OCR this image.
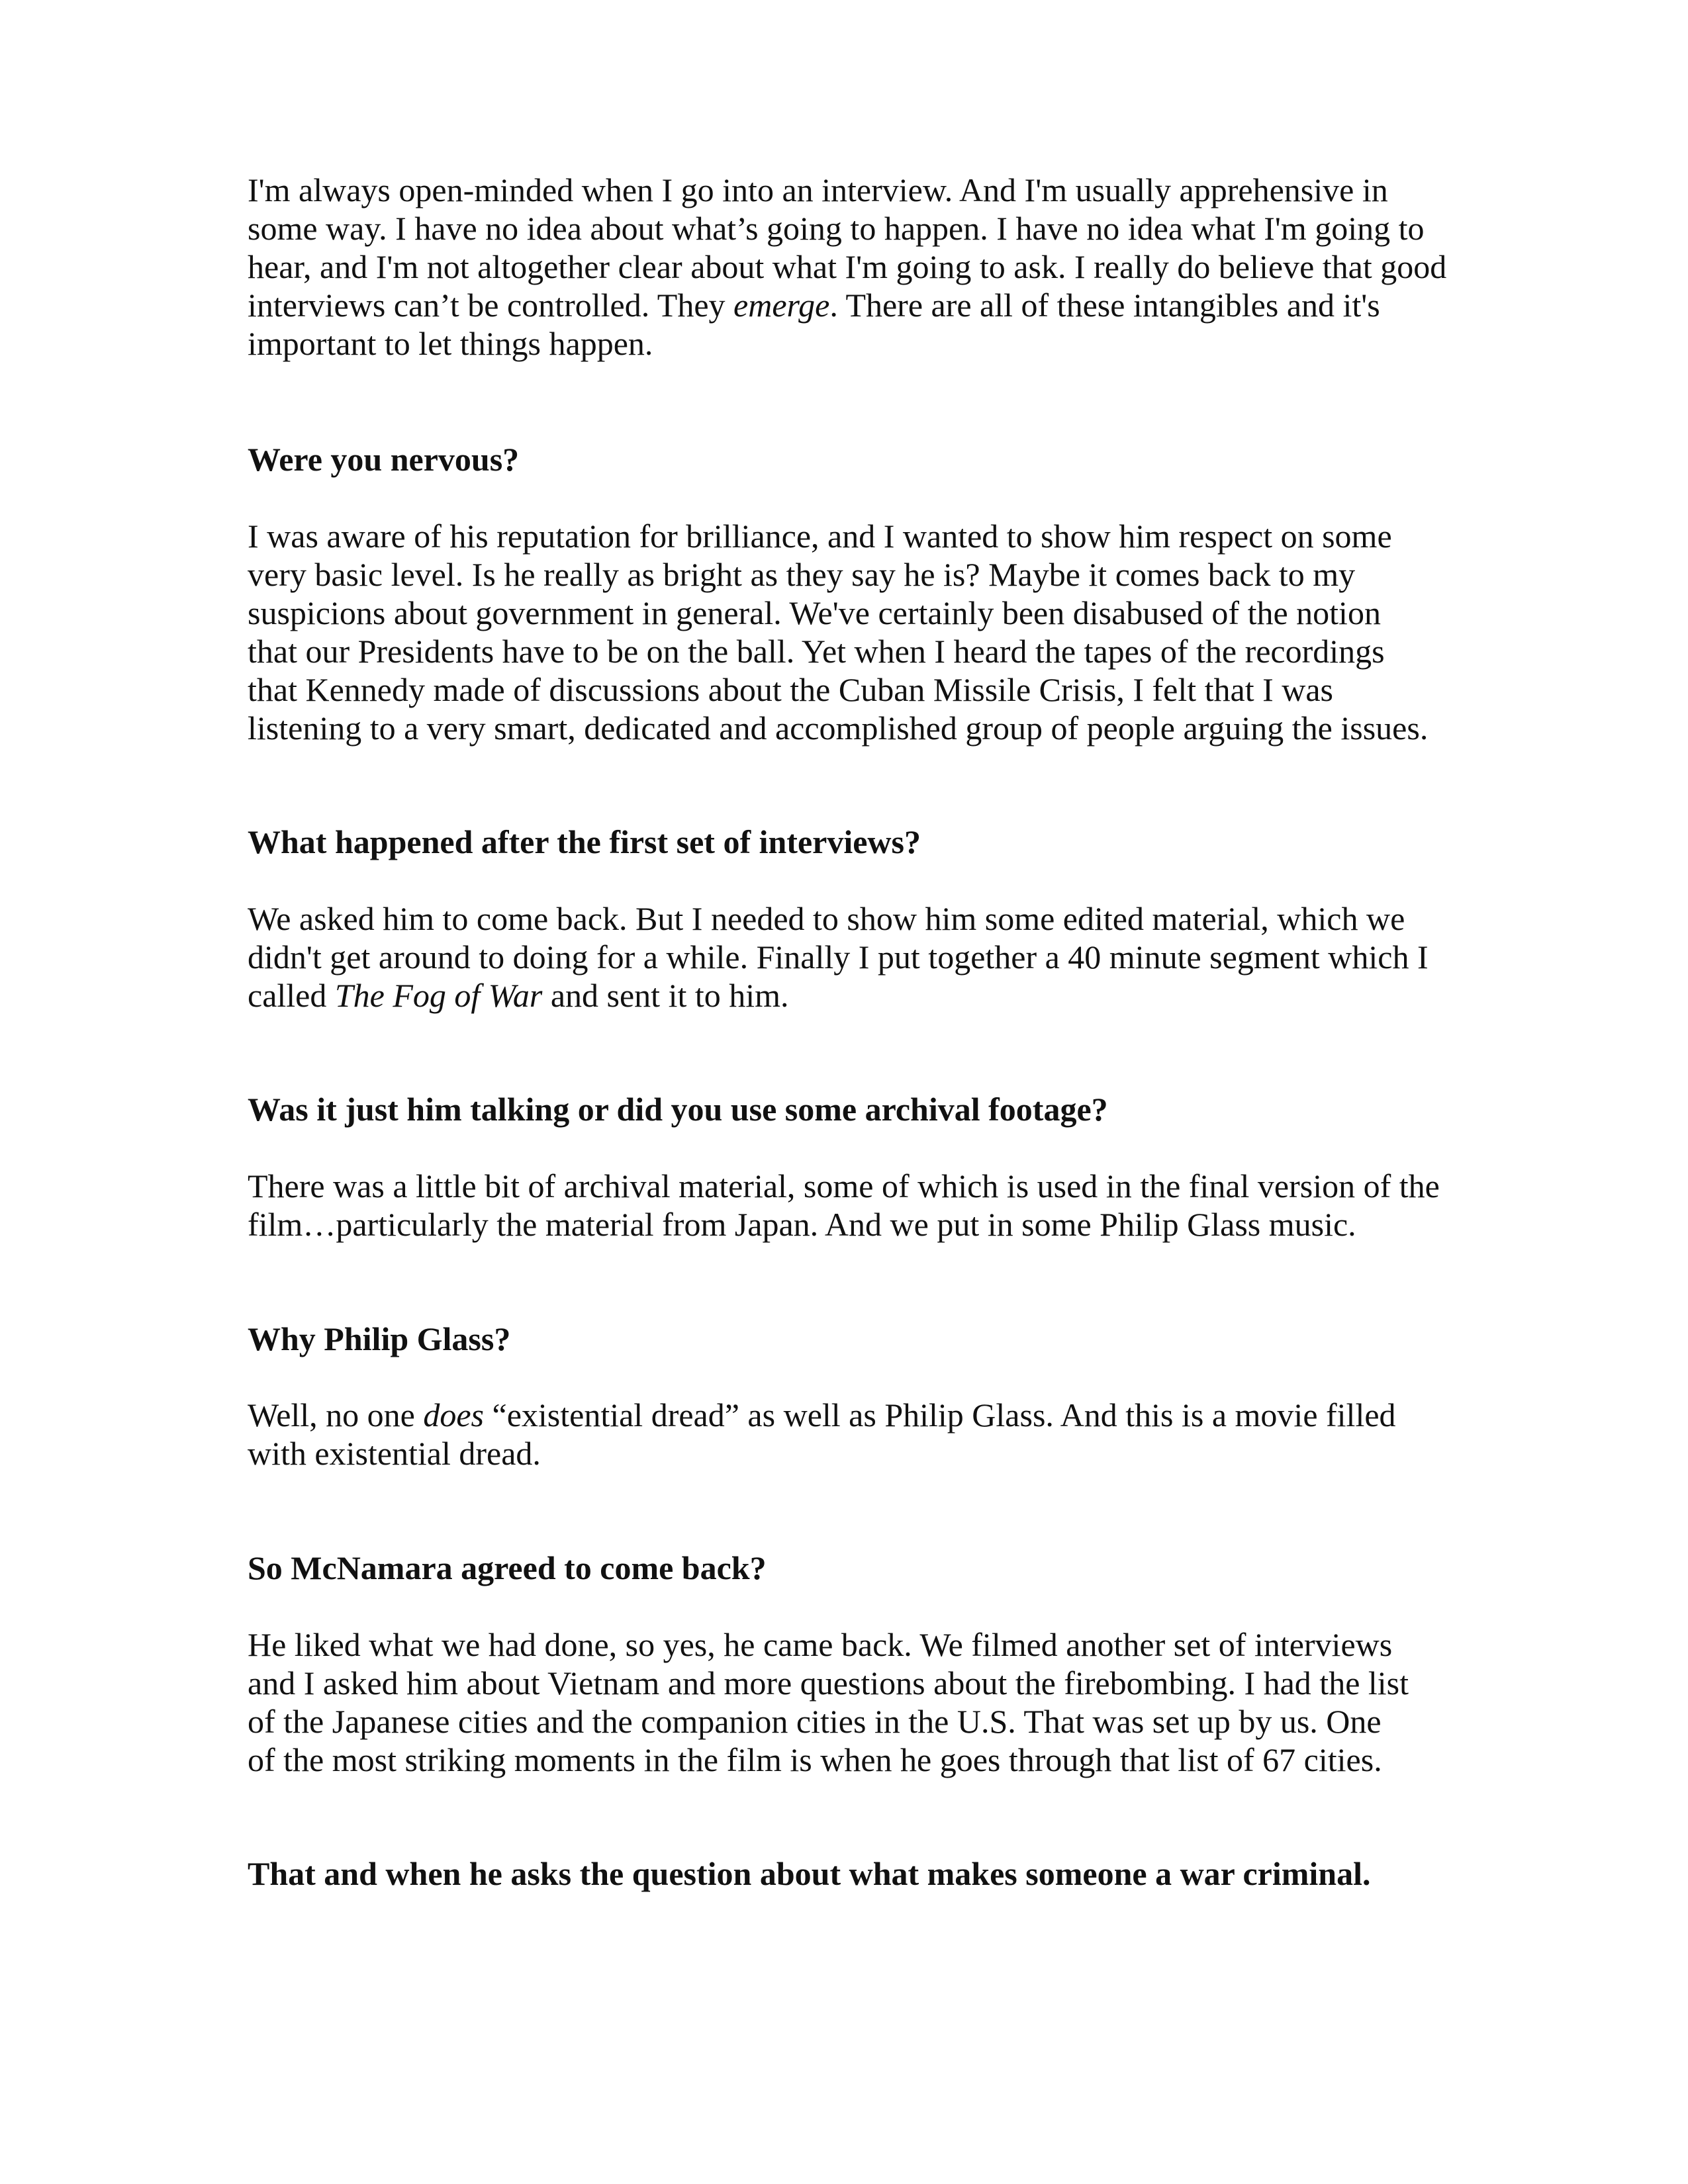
I'm always open-minded when I go into an interview. And I'm usually apprehensive in
some way. I have no idea about what’s going to happen. I have no idea what I'm going to
hear, and I'm not altogether clear about what I'm going to ask. I really do believe that good
interviews can’t be controlled. They emerge. There are all of these intangibles and it's
important to let things happen.

Were you nervous?

I was aware of his reputation for brilliance, and I wanted to show him respect on some
very basic level. Is he really as bright as they say he is? Maybe it comes back to my
suspicions about government in general. We've certainly been disabused of the notion
that our Presidents have to be on the ball. Yet when I heard the tapes of the recordings
that Kennedy made of discussions about the Cuban Missile Crisis, I felt that I was
listening to a very smart, dedicated and accomplished group of people arguing the issues.

What happened after the first set of interviews?

We asked him to come back. But I needed to show him some edited material, which we
didn't get around to doing for a while. Finally I put together a 40 minute segment which I
called The Fog of War and sent it to him.

Was it just him talking or did you use some archival footage?

There was a little bit of archival material, some of which is used in the final version of the
film…particularly the material from Japan. And we put in some Philip Glass music.

Why Philip Glass?

Well, no one does “existential dread” as well as Philip Glass. And this is a movie filled
with existential dread.

So McNamara agreed to come back?

He liked what we had done, so yes, he came back. We filmed another set of interviews
and I asked him about Vietnam and more questions about the firebombing. I had the list
of the Japanese cities and the companion cities in the U.S. That was set up by us. One
of the most striking moments in the film is when he goes through that list of 67 cities.

That and when he asks the question about what makes someone a war criminal.
